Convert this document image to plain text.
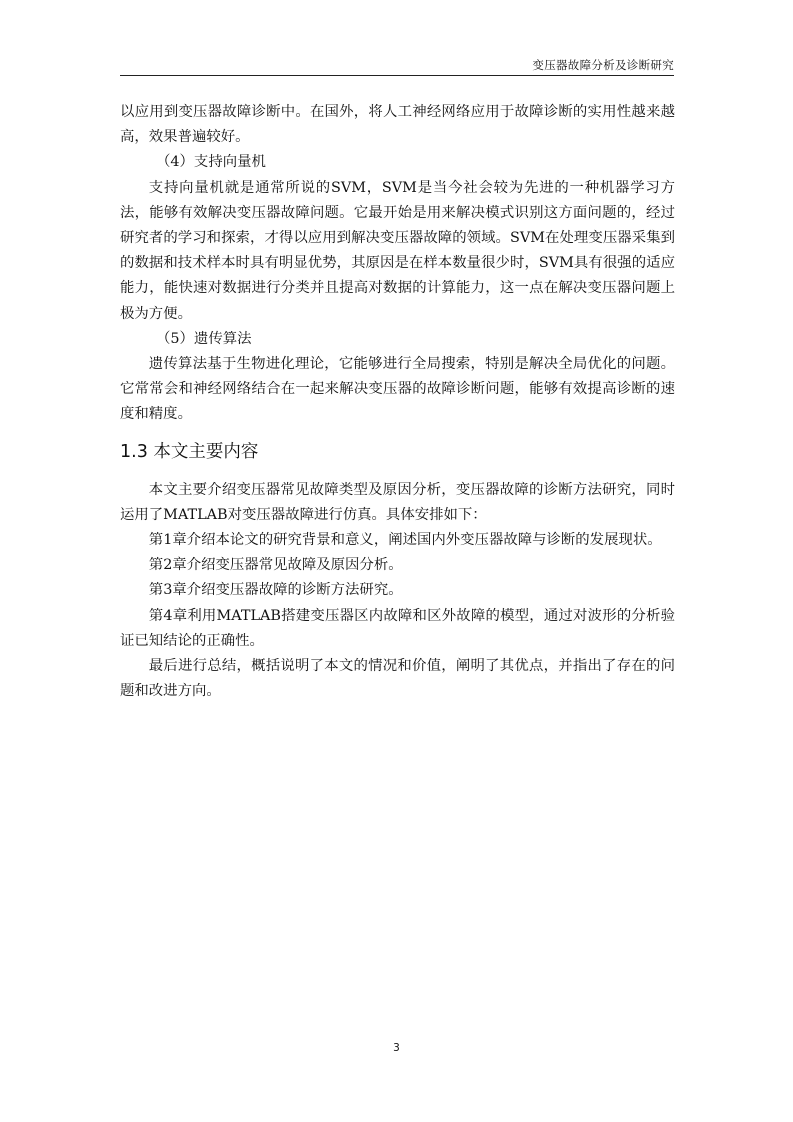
变压器故障分析及诊断研究

以应用到变压器故障诊断中。在国外，将人工神经网络应用于故障诊断的实用性越来越高，效果普遍较好。

（4）支持向量机

支持向量机就是通常所说的SVM，SVM是当今社会较为先进的一种机器学习方法，能够有效解决变压器故障问题。它最开始是用来解决模式识别这方面问题的，经过研究者的学习和探索，才得以应用到解决变压器故障的领域。SVM在处理变压器采集到的数据和技术样本时具有明显优势，其原因是在样本数量很少时，SVM具有很强的适应能力，能快速对数据进行分类并且提高对数据的计算能力，这一点在解决变压器问题上极为方便。

（5）遗传算法

遗传算法基于生物进化理论，它能够进行全局搜索，特别是解决全局优化的问题。它常常会和神经网络结合在一起来解决变压器的故障诊断问题，能够有效提高诊断的速度和精度。

1.3 本文主要内容

本文主要介绍变压器常见故障类型及原因分析，变压器故障的诊断方法研究，同时运用了MATLAB对变压器故障进行仿真。具体安排如下：

第1章介绍本论文的研究背景和意义，阐述国内外变压器故障与诊断的发展现状。

第2章介绍变压器常见故障及原因分析。

第3章介绍变压器故障的诊断方法研究。

第4章利用MATLAB搭建变压器区内故障和区外故障的模型，通过对波形的分析验证已知结论的正确性。

最后进行总结，概括说明了本文的情况和价值，阐明了其优点，并指出了存在的问题和改进方向。

3
